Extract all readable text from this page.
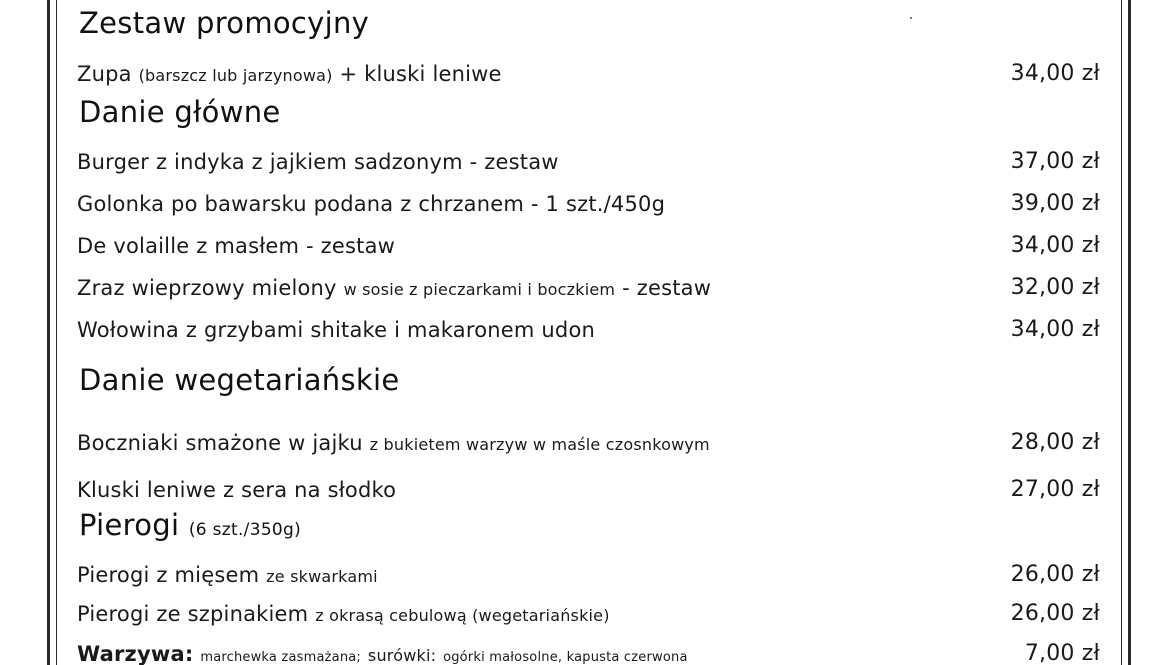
Zestaw promocyjny
Zupa (barszcz lub jarzynowa) + kluski leniwe	34,00 zł
Danie główne
Burger z indyka z jajkiem sadzonym - zestaw	37,00 zł
Golonka po bawarsku podana z chrzanem - 1 szt./450g	39,00 zł
De volaille z masłem - zestaw	34,00 zł
Zraz wieprzowy mielony w sosie z pieczarkami i boczkiem - zestaw	32,00 zł
Wołowina z grzybami shitake i makaronem udon	34,00 zł
Danie wegetariańskie
Boczniaki smażone w jajku z bukietem warzyw w maśle czosnkowym	28,00 zł
Kluski leniwe z sera na słodko	27,00 zł
Pierogi (6 szt./350g)
Pierogi z mięsem ze skwarkami	26,00 zł
Pierogi ze szpinakiem z okrasą cebulową (wegetariańskie)	26,00 zł
Warzywa: marchewka zasmażana; surówki: ogórki małosolne, kapusta czerwona	7,00 zł
